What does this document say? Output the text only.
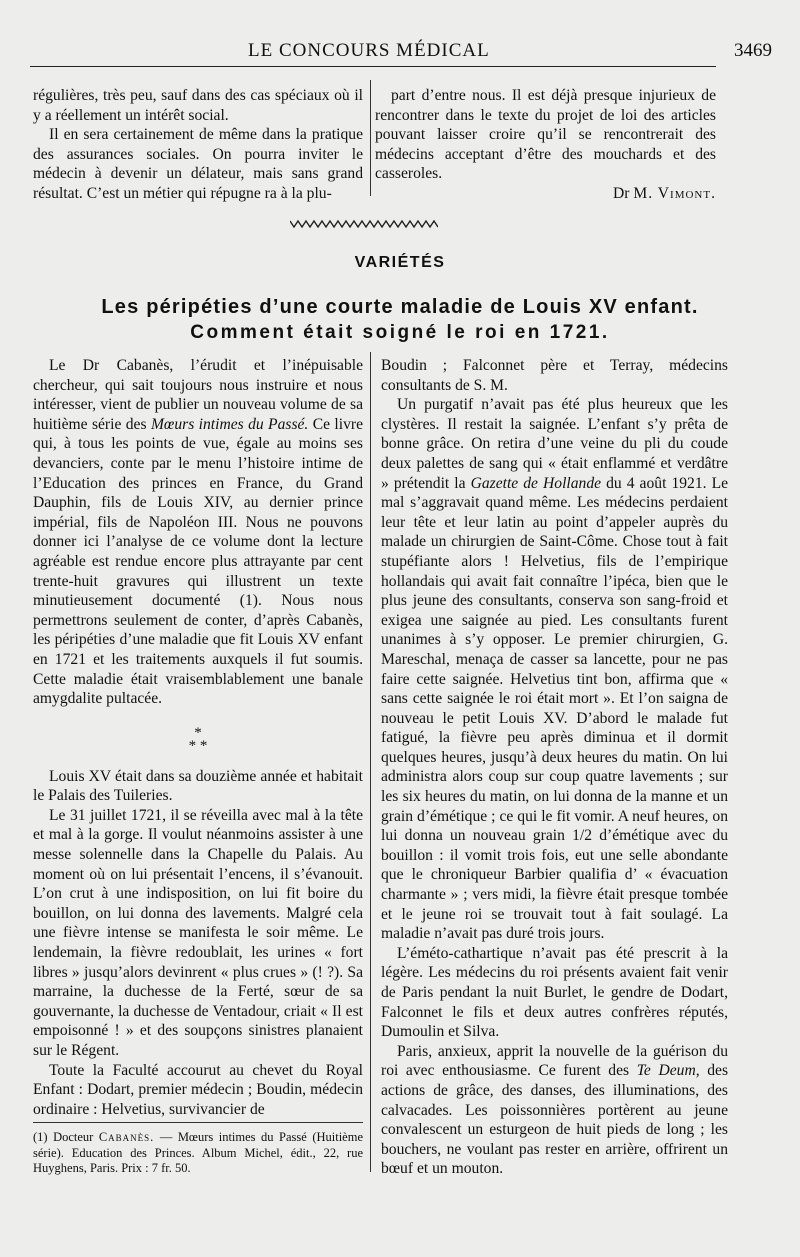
LE CONCOURS MÉDICAL	3469

régulières, très peu, sauf dans des cas spéciaux où il y a réellement un intérêt social.

Il en sera certainement de même dans la pratique des assurances sociales. On pourra inviter le médecin à devenir un délateur, mais sans grand résultat. C’est un métier qui répugne ra à la plu-

part d’entre nous. Il est déjà presque injurieux de rencontrer dans le texte du projet de loi des articles pouvant laisser croire qu’il se rencontrerait des médecins acceptant d’être des mouchards et des casseroles.

Dr M. Vimont.

VARIÉTÉS
Les péripéties d’une courte maladie de Louis XV enfant.
Comment était soigné le roi en 1721.

Le Dr Cabanès, l’érudit et l’inépuisable chercheur, qui sait toujours nous instruire et nous intéresser, vient de publier un nouveau volume de sa huitième série des Mœurs intimes du Passé. Ce livre qui, à tous les points de vue, égale au moins ses devanciers, conte par le menu l’histoire intime de l’Education des princes en France, du Grand Dauphin, fils de Louis XIV, au dernier prince impérial, fils de Napoléon III. Nous ne pouvons donner ici l’analyse de ce volume dont la lecture agréable est rendue encore plus attrayante par cent trente-huit gravures qui illustrent un texte minutieusement documenté (1). Nous nous permettrons seulement de conter, d’après Cabanès, les péripéties d’une maladie que fit Louis XV enfant en 1721 et les traitements auxquels il fut soumis. Cette maladie était vraisemblablement une banale amygdalite pultacée.

*
* *

Louis XV était dans sa douzième année et habitait le Palais des Tuileries.

Le 31 juillet 1721, il se réveilla avec mal à la tête et mal à la gorge. Il voulut néanmoins assister à une messe solennelle dans la Chapelle du Palais. Au moment où on lui présentait l’encens, il s’évanouit. L’on crut à une indisposition, on lui fit boire du bouillon, on lui donna des lavements. Malgré cela une fièvre intense se manifesta le soir même. Le lendemain, la fièvre redoublait, les urines « fort libres » jusqu’alors devinrent « plus crues » (! ?). Sa marraine, la duchesse de la Ferté, sœur de sa gouvernante, la duchesse de Ventadour, criait « Il est empoisonné ! » et des soupçons sinistres planaient sur le Régent.

Toute la Faculté accourut au chevet du Royal Enfant : Dodart, premier médecin ; Boudin, médecin ordinaire : Helvetius, survivancier de

Boudin ; Falconnet père et Terray, médecins consultants de S. M.

Un purgatif n’avait pas été plus heureux que les clystères. Il restait la saignée. L’enfant s’y prêta de bonne grâce. On retira d’une veine du pli du coude deux palettes de sang qui « était enflammé et verdâtre » prétendit la Gazette de Hollande du 4 août 1921. Le mal s’aggravait quand même. Les médecins perdaient leur tête et leur latin au point d’appeler auprès du malade un chirurgien de Saint-Côme. Chose tout à fait stupéfiante alors ! Helvetius, fils de l’empirique hollandais qui avait fait connaître l’ipéca, bien que le plus jeune des consultants, conserva son sang-froid et exigea une saignée au pied. Les consultants furent unanimes à s’y opposer. Le premier chirurgien, G. Mareschal, menaça de casser sa lancette, pour ne pas faire cette saignée. Helvetius tint bon, affirma que « sans cette saignée le roi était mort ». Et l’on saigna de nouveau le petit Louis XV. D’abord le malade fut fatigué, la fièvre peu après diminua et il dormit quelques heures, jusqu’à deux heures du matin. On lui administra alors coup sur coup quatre lavements ; sur les six heures du matin, on lui donna de la manne et un grain d’émétique ; ce qui le fit vomir. A neuf heures, on lui donna un nouveau grain 1/2 d’émétique avec du bouillon : il vomit trois fois, eut une selle abondante que le chroniqueur Barbier qualifia d’ « évacuation charmante » ; vers midi, la fièvre était presque tombée et le jeune roi se trouvait tout à fait soulagé. La maladie n’avait pas duré trois jours.

L’éméto-cathartique n’avait pas été prescrit à la légère. Les médecins du roi présents avaient fait venir de Paris pendant la nuit Burlet, le gendre de Dodart, Falconnet le fils et deux autres confrères réputés, Dumoulin et Silva.

Paris, anxieux, apprit la nouvelle de la guérison du roi avec enthousiasme. Ce furent des Te Deum, des actions de grâce, des danses, des illuminations, des calvacades. Les poissonnières portèrent au jeune convalescent un esturgeon de huit pieds de long ; les bouchers, ne voulant pas rester en arrière, offrirent un bœuf et un mouton.

(1) Docteur Cabanès. — Mœurs intimes du Passé (Huitième série). Education des Princes. Album Michel, édit., 22, rue Huyghens, Paris. Prix : 7 fr. 50.
